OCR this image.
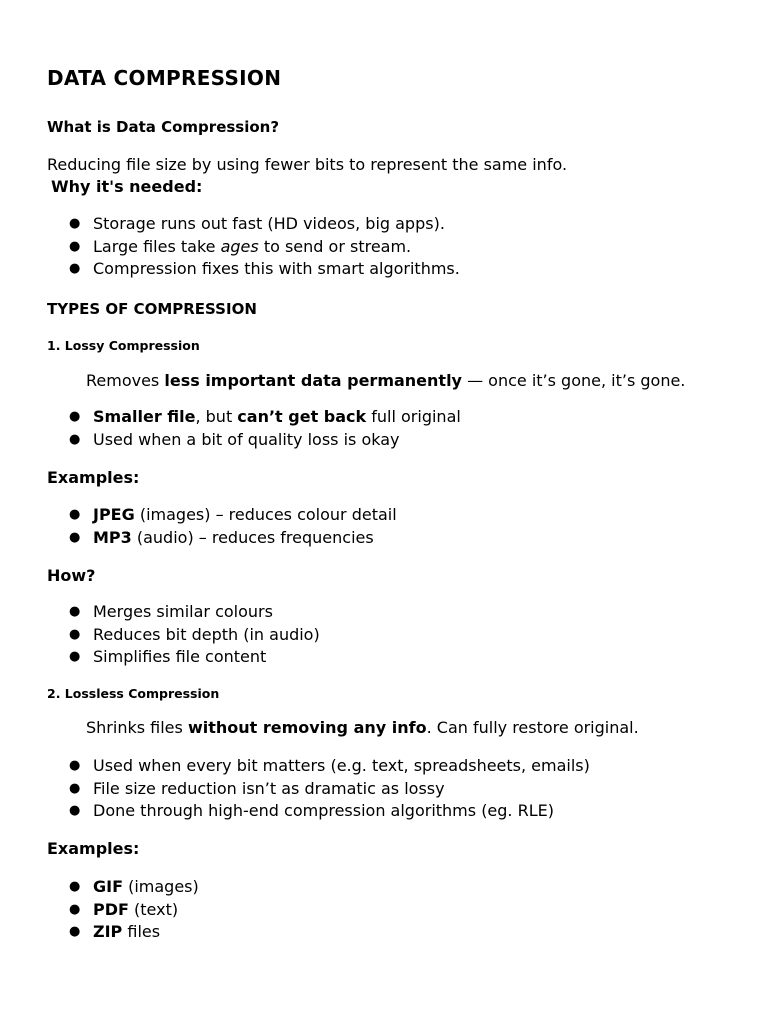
DATA COMPRESSION
What is Data Compression?

Reducing file size by using fewer bits to represent the same info.

Why it's needed:

● Storage runs out fast (HD videos, big apps).
● Large files take ages to send or stream.
● Compression fixes this with smart algorithms.
TYPES OF COMPRESSION
1. Lossy Compression

Removes less important data permanently — once it’s gone, it’s gone.

● Smaller file, but can’t get back full original
● Used when a bit of quality loss is okay

Examples:

● JPEG (images) – reduces colour detail
● MP3 (audio) – reduces frequencies

How?

● Merges similar colours
● Reduces bit depth (in audio)
● Simplifies file content
2. Lossless Compression

Shrinks files without removing any info. Can fully restore original.

● Used when every bit matters (e.g. text, spreadsheets, emails)
● File size reduction isn’t as dramatic as lossy
● Done through high-end compression algorithms (eg. RLE)

Examples:

● GIF (images)
● PDF (text)
● ZIP files
